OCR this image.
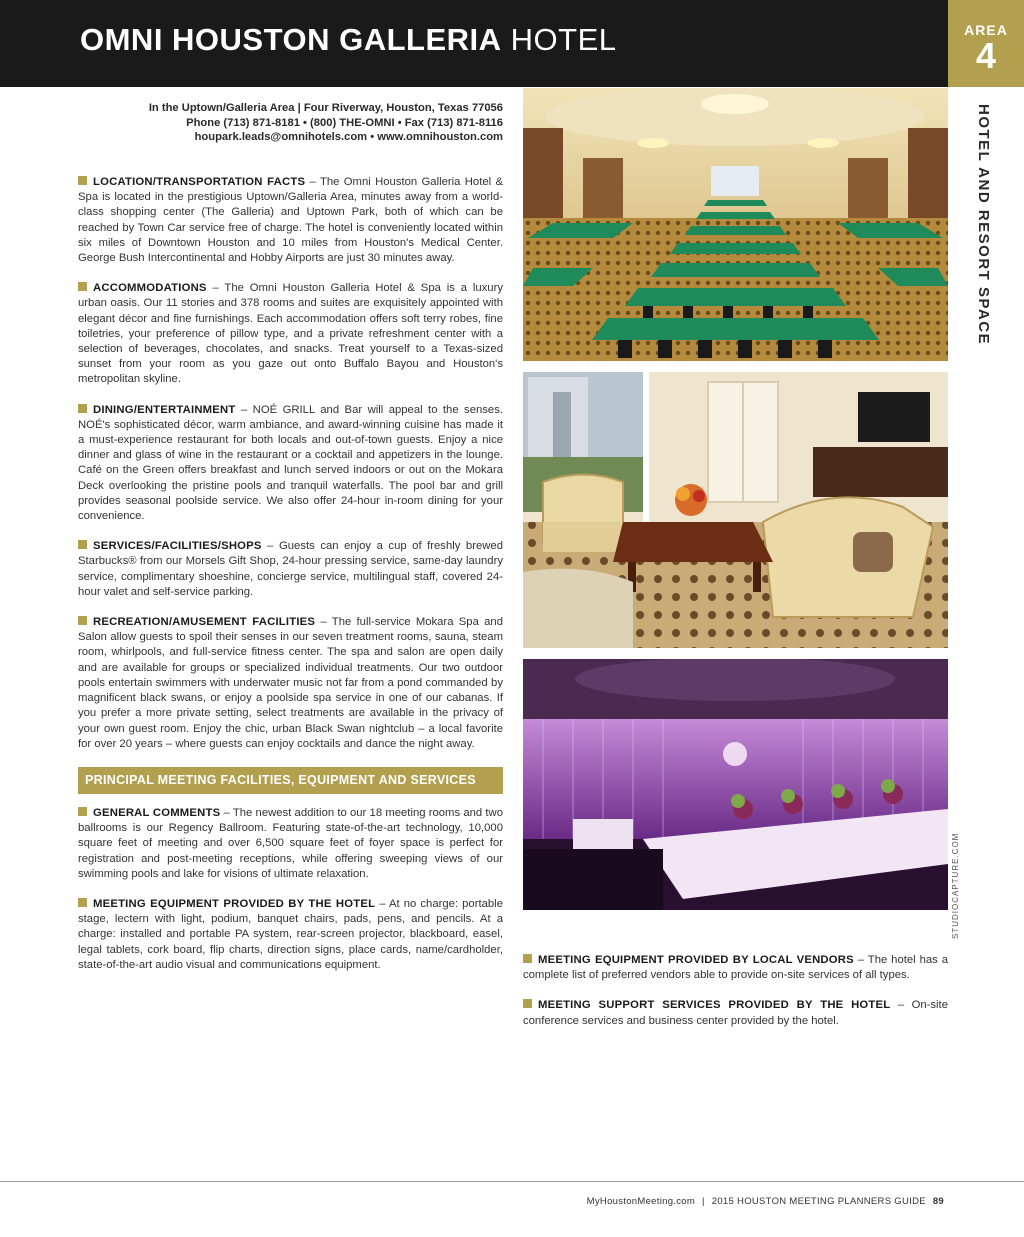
OMNI HOUSTON GALLERIA HOTEL	AREA
4
HOTEL AND RESORT SPACE
In the Uptown/Galleria Area | Four Riverway, Houston, Texas 77056
Phone (713) 871-8181 • (800) THE-OMNI • Fax (713) 871-8116
houpark.leads@omnihotels.com • www.omnihouston.com

LOCATION/TRANSPORTATION FACTS – The Omni Houston Galleria Hotel & Spa is located in the prestigious Uptown/Galleria Area, minutes away from a world-class shopping center (The Galleria) and Uptown Park, both of which can be reached by Town Car service free of charge. The hotel is conveniently located within six miles of Downtown Houston and 10 miles from Houston's Medical Center. George Bush Intercontinental and Hobby Airports are just 30 minutes away.

ACCOMMODATIONS – The Omni Houston Galleria Hotel & Spa is a luxury urban oasis. Our 11 stories and 378 rooms and suites are exquisitely appointed with elegant décor and fine furnishings. Each accommodation offers soft terry robes, fine toiletries, your preference of pillow type, and a private refreshment center with a selection of beverages, chocolates, and snacks. Treat yourself to a Texas-sized sunset from your room as you gaze out onto Buffalo Bayou and Houston's metropolitan skyline.

DINING/ENTERTAINMENT – NOÉ GRILL and Bar will appeal to the senses. NOÉ's sophisticated décor, warm ambiance, and award-winning cuisine has made it a must-experience restaurant for both locals and out-of-town guests. Enjoy a nice dinner and glass of wine in the restaurant or a cocktail and appetizers in the lounge. Café on the Green offers breakfast and lunch served indoors or out on the Mokara Deck overlooking the pristine pools and tranquil waterfalls. The pool bar and grill provides seasonal poolside service. We also offer 24-hour in-room dining for your convenience.

SERVICES/FACILITIES/SHOPS – Guests can enjoy a cup of freshly brewed Starbucks® from our Morsels Gift Shop, 24-hour pressing service, same-day laundry service, complimentary shoeshine, concierge service, multilingual staff, covered 24-hour valet and self-service parking.

RECREATION/AMUSEMENT FACILITIES – The full-service Mokara Spa and Salon allow guests to spoil their senses in our seven treatment rooms, sauna, steam room, whirlpools, and full-service fitness center. The spa and salon are open daily and are available for groups or specialized individual treatments. Our two outdoor pools entertain swimmers with underwater music not far from a pond commanded by magnificent black swans, or enjoy a poolside spa service in one of our cabanas. If you prefer a more private setting, select treatments are available in the privacy of your own guest room. Enjoy the chic, urban Black Swan nightclub – a local favorite for over 20 years – where guests can enjoy cocktails and dance the night away.

PRINCIPAL MEETING FACILITIES, EQUIPMENT AND SERVICES

GENERAL COMMENTS – The newest addition to our 18 meeting rooms and two ballrooms is our Regency Ballroom. Featuring state-of-the-art technology, 10,000 square feet of meeting and over 6,500 square feet of foyer space is perfect for registration and post-meeting receptions, while offering sweeping views of our swimming pools and lake for visions of ultimate relaxation.

MEETING EQUIPMENT PROVIDED BY THE HOTEL – At no charge: portable stage, lectern with light, podium, banquet chairs, pads, pens, and pencils. At a charge: installed and portable PA system, rear-screen projector, blackboard, easel, legal tablets, cork board, flip charts, direction signs, place cards, name/cardholder, state-of-the-art audio visual and communications equipment.

STUDIOCAPTURE.COM

MEETING EQUIPMENT PROVIDED BY LOCAL VENDORS – The hotel has a complete list of preferred vendors able to provide on-site services of all types.

MEETING SUPPORT SERVICES PROVIDED BY THE HOTEL – On-site conference services and business center provided by the hotel.

MyHoustonMeeting.com | 2015 HOUSTON MEETING PLANNERS GUIDE 89
